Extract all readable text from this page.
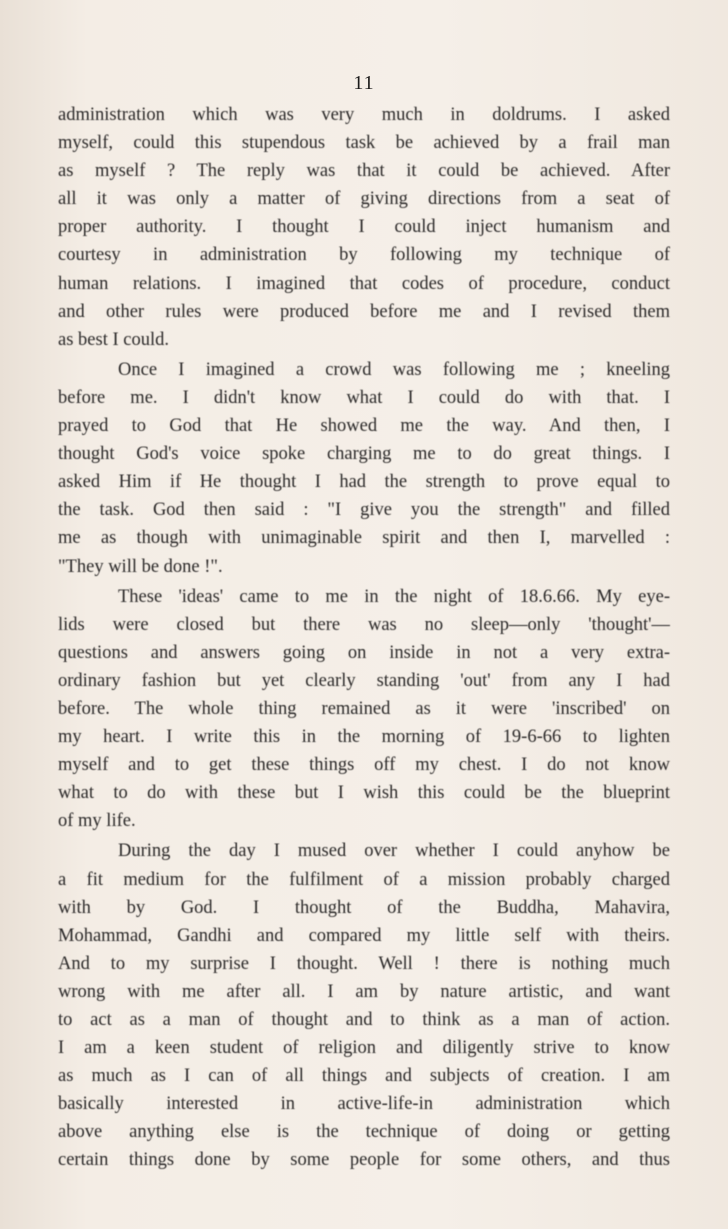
11
administration which was very much in doldrums. I asked
myself, could this stupendous task be achieved by a frail man
as myself ? The reply was that it could be achieved. After
all it was only a matter of giving directions from a seat of
proper authority. I thought I could inject humanism and
courtesy in administration by following my technique of
human relations. I imagined that codes of procedure, conduct
and other rules were produced before me and I revised them
as best I could.
Once I imagined a crowd was following me ; kneeling
before me. I didn't know what I could do with that. I
prayed to God that He showed me the way. And then, I
thought God's voice spoke charging me to do great things. I
asked Him if He thought I had the strength to prove equal to
the task. God then said : "I give you the strength" and filled
me as though with unimaginable spirit and then I, marvelled :
"They will be done !".
These 'ideas' came to me in the night of 18.6.66. My eye-
lids were closed but there was no sleep—only 'thought'—
questions and answers going on inside in not a very extra-
ordinary fashion but yet clearly standing 'out' from any I had
before. The whole thing remained as it were 'inscribed' on
my heart. I write this in the morning of 19-6-66 to lighten
myself and to get these things off my chest. I do not know
what to do with these but I wish this could be the blueprint
of my life.
During the day I mused over whether I could anyhow be
a fit medium for the fulfilment of a mission probably charged
with by God. I thought of the Buddha, Mahavira,
Mohammad, Gandhi and compared my little self with theirs.
And to my surprise I thought. Well ! there is nothing much
wrong with me after all. I am by nature artistic, and want
to act as a man of thought and to think as a man of action.
I am a keen student of religion and diligently strive to know
as much as I can of all things and subjects of creation. I am
basically interested in active-life-in administration which
above anything else is the technique of doing or getting
certain things done by some people for some others, and thus
